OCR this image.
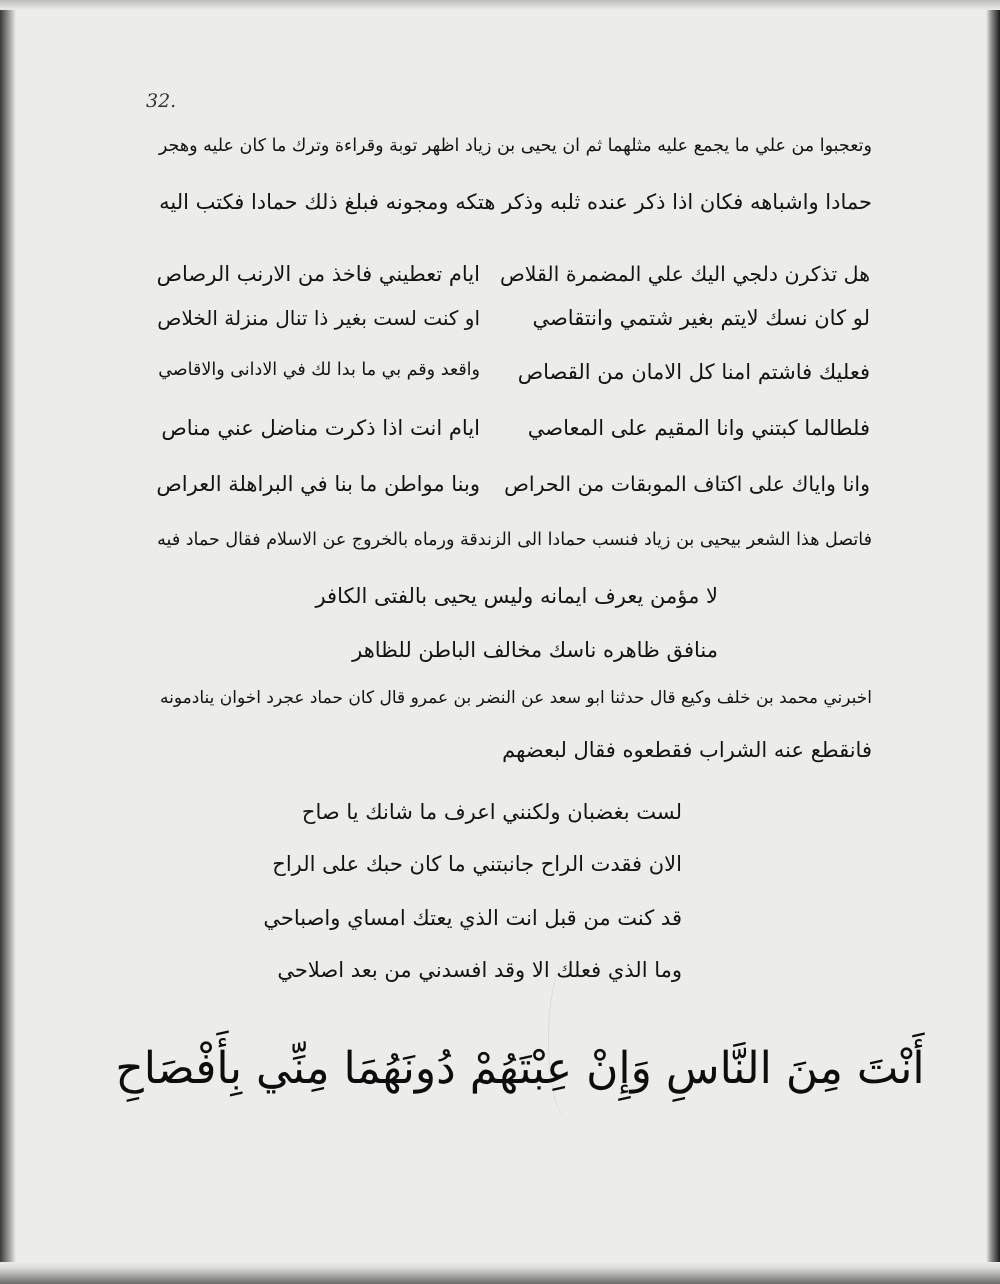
32.
وتعجبوا من علي ما يجمع عليه مثلهما ثم ان يحيى بن زياد اظهر توبة وقراءة وترك ما كان عليه وهجر
حمادا واشباهه فكان اذا ذكر عنده ثلبه وذكر هتكه ومجونه فبلغ ذلك حمادا فكتب اليه
هل تذكرن دلجي اليك علي المضمرة القلاص
ايام تعطيني فاخذ من الارنب الرصاص
لو كان نسك لايتم بغير شتمي وانتقاصي
او كنت لست بغير ذا تنال منزلة الخلاص
فعليك فاشتم امنا كل الامان من القصاص
واقعد وقم بي ما بدا لك في الادانى والاقاصي
فلطالما كبتني وانا المقيم على المعاصي
ايام انت اذا ذكرت مناضل عني مناص
وانا واياك على اكتاف الموبقات من الحراص
وبنا مواطن ما بنا في البراهلة العراص
فاتصل هذا الشعر بيحيى بن زياد فنسب حمادا الى الزندقة ورماه بالخروج عن الاسلام فقال حماد فيه
لا مؤمن يعرف ايمانه وليس يحيى بالفتى الكافر
منافق ظاهره ناسك مخالف الباطن للظاهر
اخبرني محمد بن خلف وكيع قال حدثنا ابو سعد عن النضر بن عمرو قال كان حماد عجرد اخوان ينادمونه
فانقطع عنه الشراب فقطعوه فقال لبعضهم
لست بغضبان ولكنني اعرف ما شانك يا صاح
الان فقدت الراح جانبتني ما كان حبك على الراح
قد كنت من قبل انت الذي يعتك امساي واصباحي
وما الذي فعلك الا وقد افسدني من بعد اصلاحي
أَنْتَ مِنَ النَّاسِ وَإِنْ عِبْتَهُمْ دُونَهُمَا مِنِّي بِأَفْصَاحِ
